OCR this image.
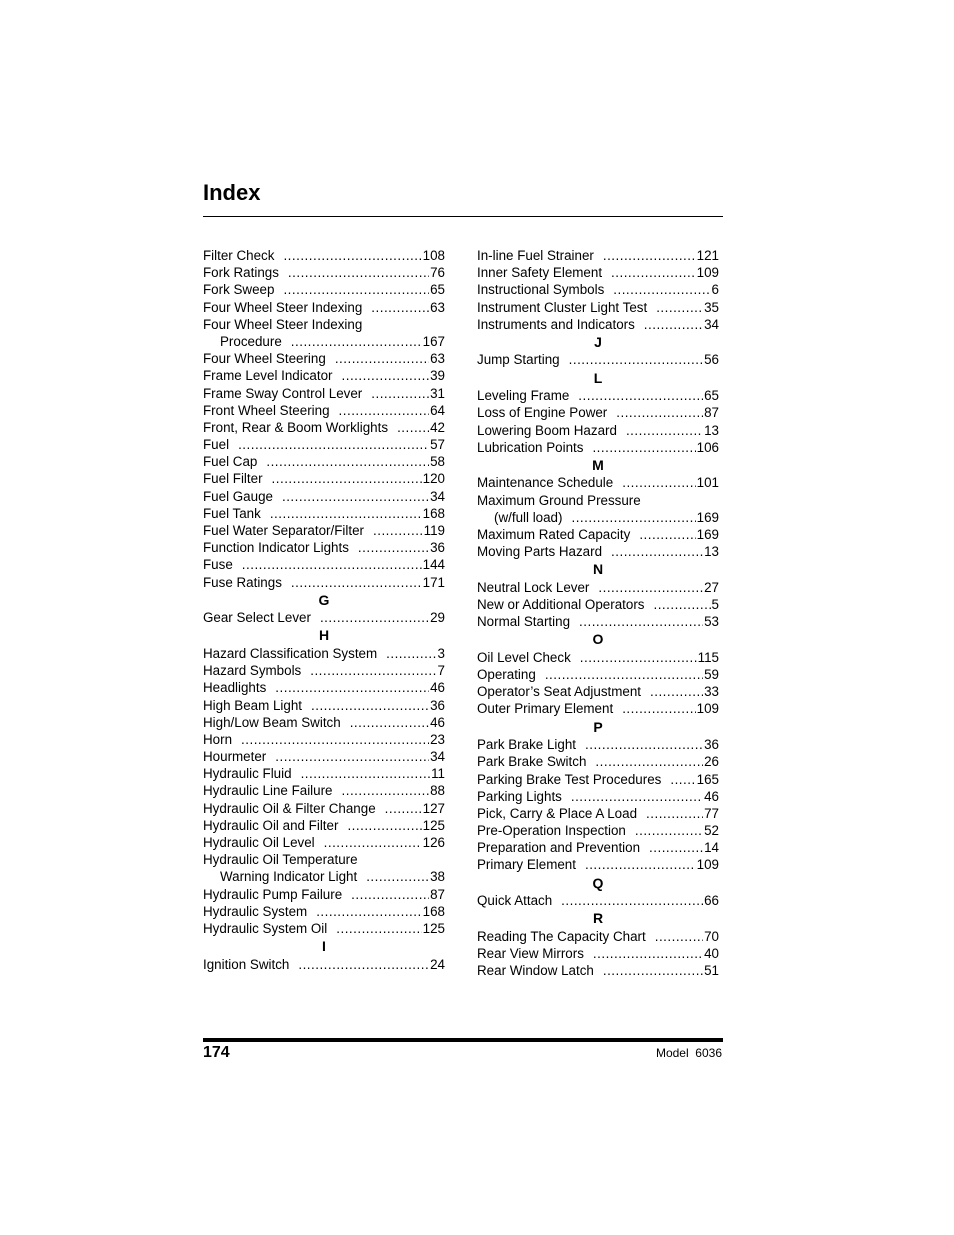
Index
Filter Check .....	108
Fork Ratings .....	76
Fork Sweep .....	65
Four Wheel Steer Indexing .....	63
Four Wheel Steer Indexing
Procedure .....	167
Four Wheel Steering .....	63
Frame Level Indicator .....	39
Frame Sway Control Lever .....	31
Front Wheel Steering .....	64
Front, Rear & Boom Worklights .....	42
Fuel .....	57
Fuel Cap .....	58
Fuel Filter .....	120
Fuel Gauge .....	34
Fuel Tank .....	168
Fuel Water Separator/Filter .....	119
Function Indicator Lights .....	36
Fuse .....	144
Fuse Ratings .....	171
G
Gear Select Lever .....	29
H
Hazard Classification System .....	3
Hazard Symbols .....	7
Headlights .....	46
High Beam Light .....	36
High/Low Beam Switch .....	46
Horn .....	23
Hourmeter .....	34
Hydraulic Fluid .....	11
Hydraulic Line Failure .....	88
Hydraulic Oil & Filter Change .....	127
Hydraulic Oil and Filter .....	125
Hydraulic Oil Level .....	126
Hydraulic Oil Temperature
Warning Indicator Light .....	38
Hydraulic Pump Failure .....	87
Hydraulic System .....	168
Hydraulic System Oil .....	125
I
Ignition Switch .....	24
In-line Fuel Strainer .....	121
Inner Safety Element .....	109
Instructional Symbols .....	6
Instrument Cluster Light Test .....	35
Instruments and Indicators .....	34
J
Jump Starting .....	56
L
Leveling Frame .....	65
Loss of Engine Power .....	87
Lowering Boom Hazard .....	13
Lubrication Points .....	106
M
Maintenance Schedule .....	101
Maximum Ground Pressure
(w/full load) .....	169
Maximum Rated Capacity .....	169
Moving Parts Hazard .....	13
N
Neutral Lock Lever .....	27
New or Additional Operators .....	5
Normal Starting .....	53
O
Oil Level Check .....	115
Operating .....	59
Operator’s Seat Adjustment .....	33
Outer Primary Element .....	109
P
Park Brake Light .....	36
Park Brake Switch .....	26
Parking Brake Test Procedures .....	165
Parking Lights .....	46
Pick, Carry & Place A Load .....	77
Pre-Operation Inspection .....	52
Preparation and Prevention .....	14
Primary Element .....	109
Q
Quick Attach .....	66
R
Reading The Capacity Chart .....	70
Rear View Mirrors .....	40
Rear Window Latch .....	51
174	Model  6036
